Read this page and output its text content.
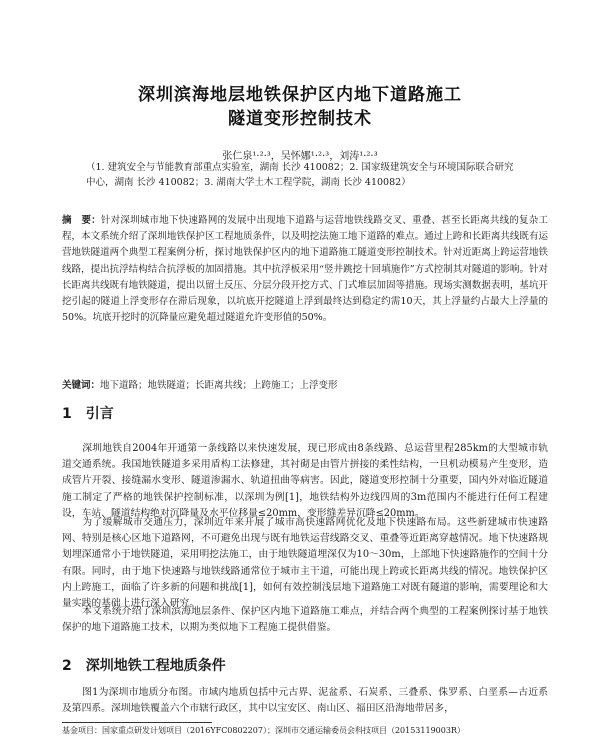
深圳滨海地层地铁保护区内地下道路施工
隧道变形控制技术
张仁泉¹·²·³，吴怀娜¹·²·³，刘涛¹·²·³
（1. 建筑安全与节能教育部重点实验室，湖南 长沙 410082；2. 国家级建筑安全与环境国际联合研究中心，湖南 长沙 410082；3. 湖南大学土木工程学院，湖南 长沙 410082）
摘　要：针对深圳城市地下快速路网的发展中出现地下道路与运营地铁线路交叉、重叠、甚至长距离共线的复杂工程，本文系统介绍了深圳地铁保护区工程地质条件，以及明挖法施工地下道路的难点。通过上跨和长距离共线既有运营地铁隧道两个典型工程案例分析，探讨地铁保护区内的地下道路施工隧道变形控制技术。针对近距离上跨运营地铁线路，提出抗浮结构结合抗浮板的加固措施。其中抗浮板采用“竖井跳挖十回填施作”方式控制其对隧道的影响。针对长距离共线既有地铁隧道，提出以留土反压、分层分段开挖方式、门式堆层加固等措施。现场实测数据表明，基坑开挖引起的隧道上浮变形存在滞后现象，以坑底开挖隧道上浮到最终达到稳定约需10天，其上浮量约占最大上浮量的50%。坑底开挖时的沉降量应避免超过隧道允许变形值的50%。
关键词：地下道路；地铁隧道；长距离共线；上跨施工；上浮变形
1　引言
深圳地铁自2004年开通第一条线路以来快速发展，现已形成由8条线路、总运营里程285km的大型城市轨道交通系统。我国地铁隧道多采用盾构工法修建，其衬砌是由管片拼接的柔性结构，一旦机动模易产生变形，造成管片开裂、接缝漏水变形、隧道渗漏水、轨道扭曲等病害。因此，隧道变形控制十分重要，国内外对临近隧道施工制定了严格的地铁保护控制标准，以深圳为例[1]，地铁结构外边线四周的3m范围内不能进行任何工程建设，车站、隧道结构绝对沉降量及水平位移量≤20mm，变形缝差异沉降≤20mm。
为了缓解城市交通压力，深圳近年来开展了城市高快速路网优化及地下快速路布局。这些新建城市快速路网、特别是核心区地下道路网，不可避免出现与既有地铁运营线路交叉、重叠等近距离穿越情况。地下快速路规划埋深通常小于地铁隧道，采用明挖法施工，由于地铁隧道埋深仅为10～30m，上部地下快速路施作的空间十分有限。同时，由于地下快速路与地铁线路通常位于城市主干道，可能出现上跨或长距离共线的情况。地铁保护区内上跨施工，面临了许多新的问题和挑战[1]，如何有效控制浅层地下道路施工对既有隧道的影响，需要理论和大量实践的基础上进行深入研究。
本文系统介绍了深圳滨海地层条件、保护区内地下道路施工难点，并结合两个典型的工程案例探讨基于地铁保护的地下道路施工技术，以期为类似地下工程施工提供借鉴。
2　深圳地铁工程地质条件
图1为深圳市地质分布图。市域内地质包括中元古界、泥盆系、石炭系、三叠系、侏罗系、白垩系—古近系及第四系。深圳地铁覆盖六个市辖行政区，其中以宝安区、南山区、福田区沿海地带居多，
基金项目：国家重点研发计划项目（2016YFC0802207）；深圳市交通运输委员会科技项目（20153119003R）
